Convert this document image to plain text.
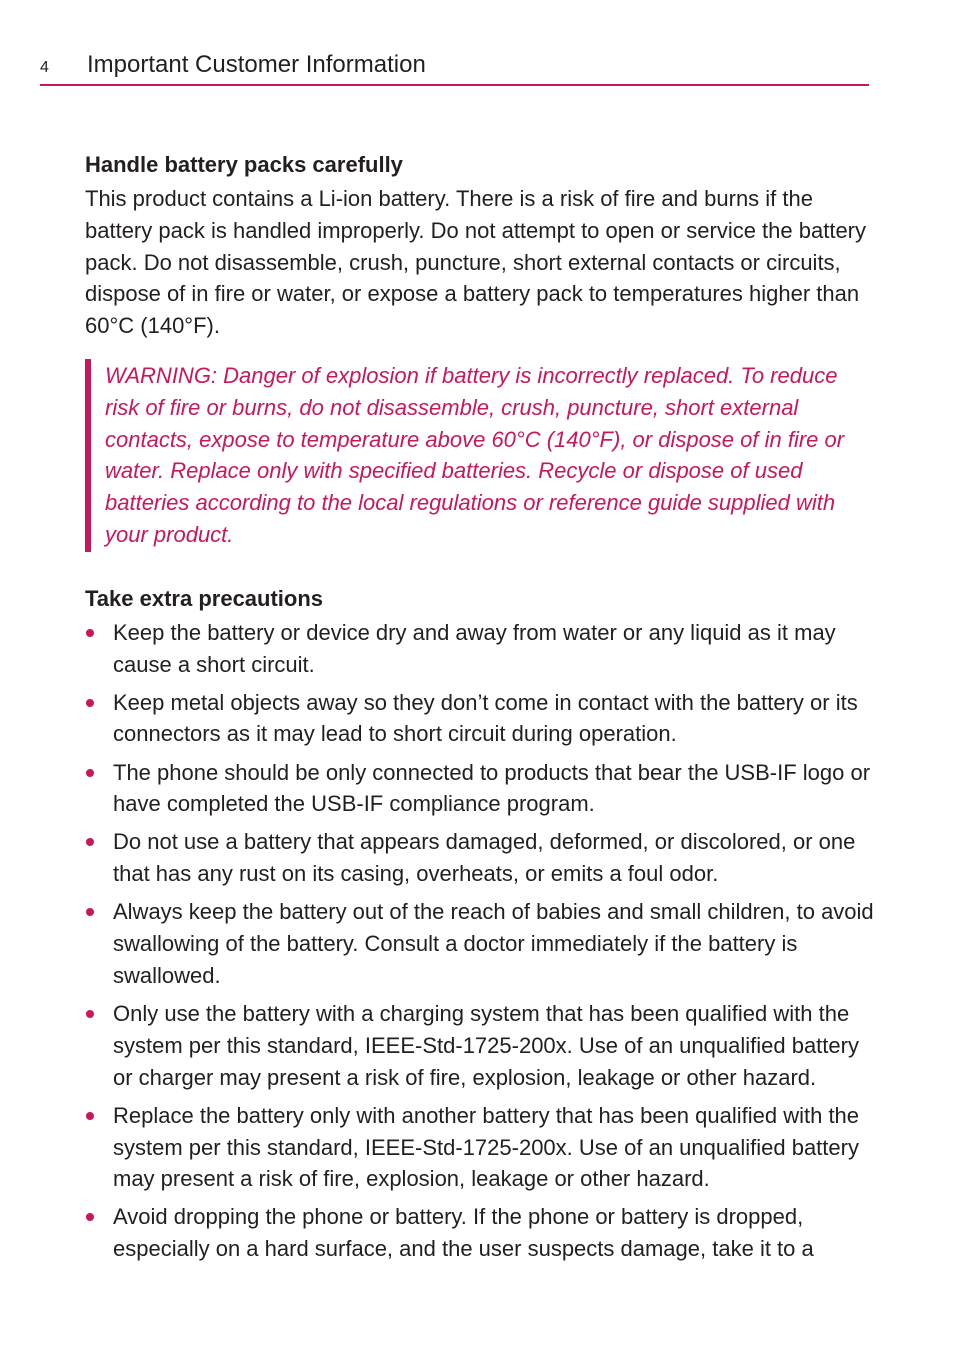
4 Important Customer Information
Handle battery packs carefully

This product contains a Li-ion battery. There is a risk of fire and burns if the battery pack is handled improperly. Do not attempt to open or service the battery pack. Do not disassemble, crush, puncture, short external contacts or circuits, dispose of in fire or water, or expose a battery pack to temperatures higher than 60°C (140°F).

WARNING: Danger of explosion if battery is incorrectly replaced. To reduce risk of fire or burns, do not disassemble, crush, puncture, short external contacts, expose to temperature above 60°C (140°F), or dispose of in fire or water. Replace only with specified batteries. Recycle or dispose of used batteries according to the local regulations or reference guide supplied with your product.
Take extra precautions
Keep the battery or device dry and away from water or any liquid as it may cause a short circuit.
Keep metal objects away so they don’t come in contact with the battery or its connectors as it may lead to short circuit during operation.
The phone should be only connected to products that bear the USB-IF logo or have completed the USB-IF compliance program.
Do not use a battery that appears damaged, deformed, or discolored, or one that has any rust on its casing, overheats, or emits a foul odor.
Always keep the battery out of the reach of babies and small children, to avoid swallowing of the battery. Consult a doctor immediately if the battery is swallowed.
Only use the battery with a charging system that has been qualified with the system per this standard, IEEE-Std-1725-200x. Use of an unqualified battery or charger may present a risk of fire, explosion, leakage or other hazard.
Replace the battery only with another battery that has been qualified with the system per this standard, IEEE-Std-1725-200x. Use of an unqualified battery may present a risk of fire, explosion, leakage or other hazard.
Avoid dropping the phone or battery. If the phone or battery is dropped, especially on a hard surface, and the user suspects damage, take it to a
